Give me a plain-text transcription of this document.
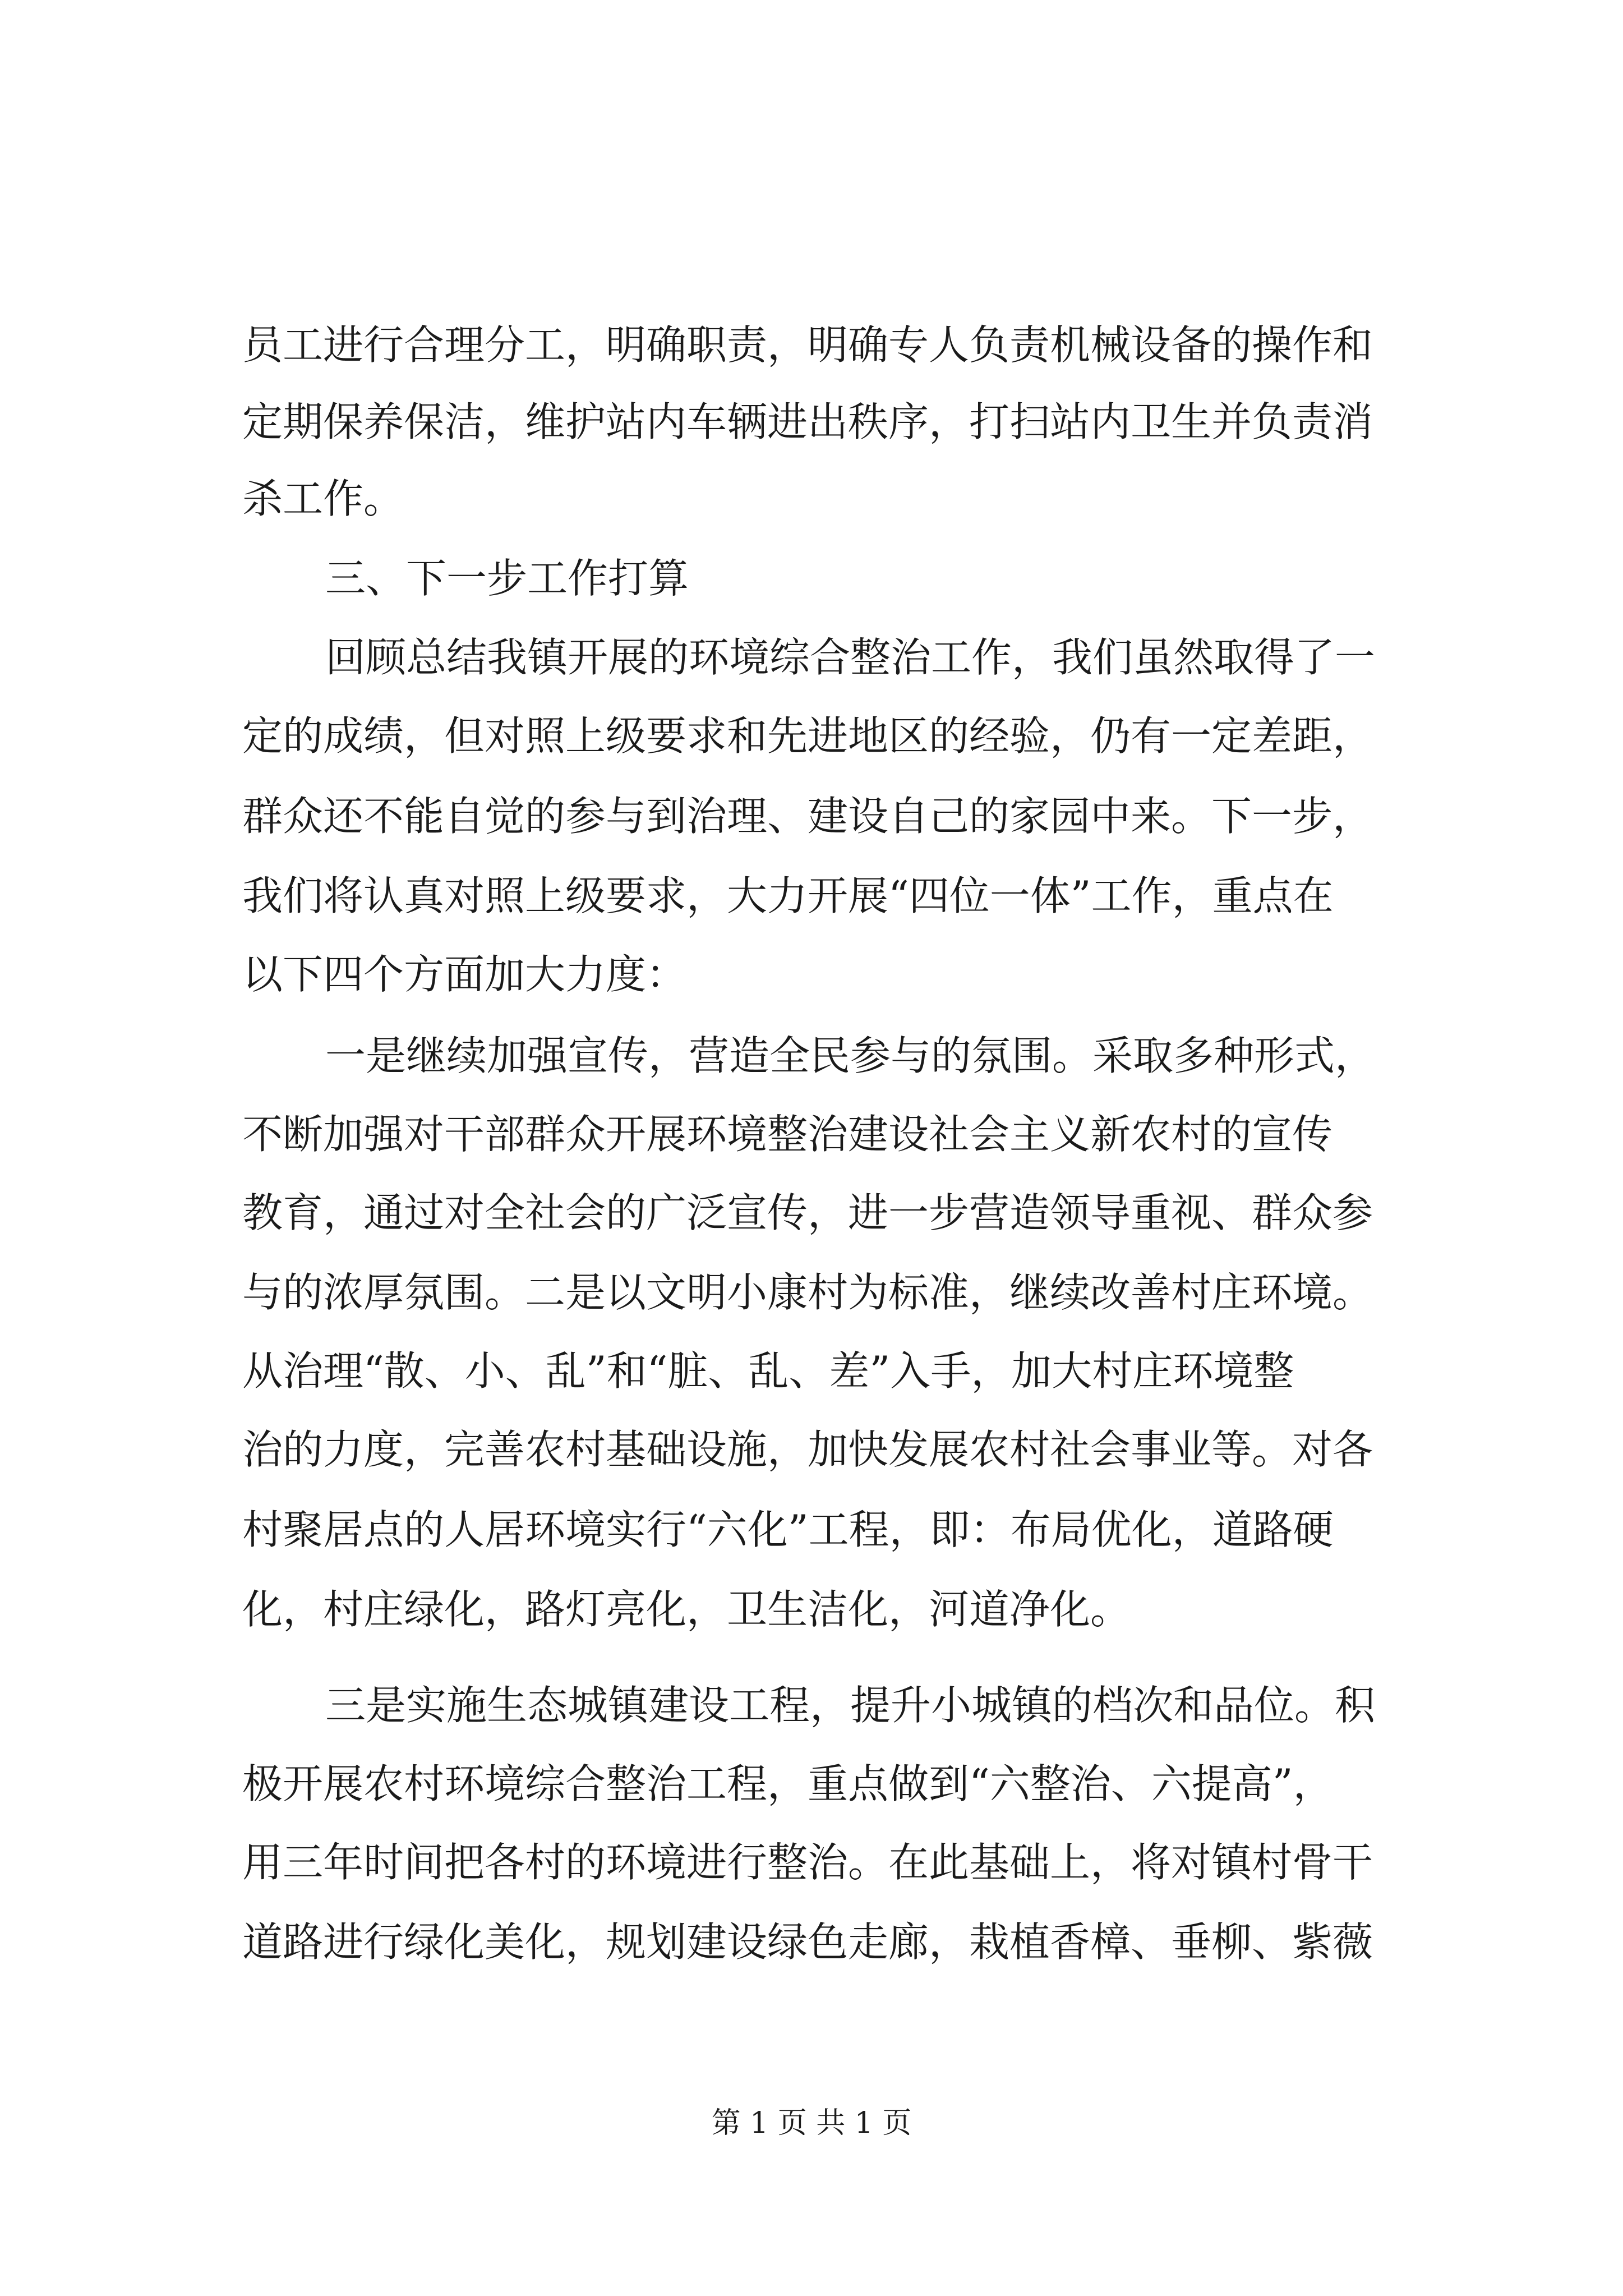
员工进行合理分工，明确职责，明确专人负责机械设备的操作和
定期保养保洁，维护站内车辆进出秩序，打扫站内卫生并负责消
杀工作。
三、下一步工作打算
回顾总结我镇开展的环境综合整治工作，我们虽然取得了一
定的成绩，但对照上级要求和先进地区的经验，仍有一定差距，
群众还不能自觉的参与到治理、建设自己的家园中来。下一步，
我们将认真对照上级要求，大力开展“四位一体”工作，重点在
以下四个方面加大力度：
一是继续加强宣传，营造全民参与的氛围。采取多种形式，
不断加强对干部群众开展环境整治建设社会主义新农村的宣传
教育，通过对全社会的广泛宣传，进一步营造领导重视、群众参
与的浓厚氛围。二是以文明小康村为标准，继续改善村庄环境。
从治理“散、小、乱”和“脏、乱、差”入手，加大村庄环境整
治的力度，完善农村基础设施，加快发展农村社会事业等。对各
村聚居点的人居环境实行“六化”工程，即：布局优化，道路硬
化，村庄绿化，路灯亮化，卫生洁化，河道净化。
三是实施生态城镇建设工程，提升小城镇的档次和品位。积
极开展农村环境综合整治工程，重点做到“六整治、六提高”，
用三年时间把各村的环境进行整治。在此基础上，将对镇村骨干
道路进行绿化美化，规划建设绿色走廊，栽植香樟、垂柳、紫薇
第 1 页 共 1 页
